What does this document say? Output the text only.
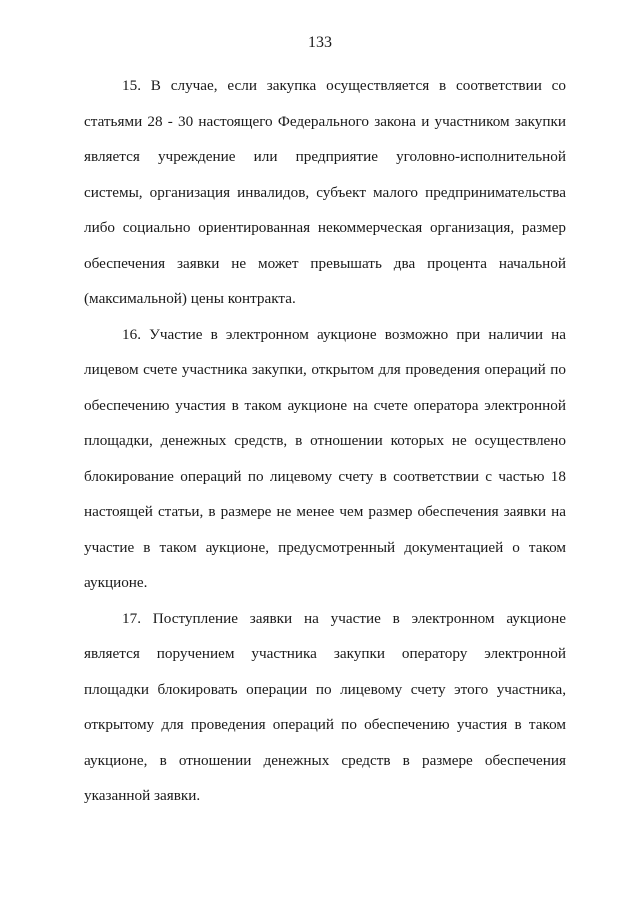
133

15. В случае, если закупка осуществляется в соответствии со статьями 28 - 30 настоящего Федерального закона и участником закупки является учреждение или предприятие уголовно-исполнительной системы, организация инвалидов, субъект малого предпринимательства либо социально ориентированная некоммерческая организация, размер обеспечения заявки не может превышать два процента начальной (максимальной) цены контракта.

16. Участие в электронном аукционе возможно при наличии на лицевом счете участника закупки, открытом для проведения операций по обеспечению участия в таком аукционе на счете оператора электронной площадки, денежных средств, в отношении которых не осуществлено блокирование операций по лицевому счету в соответствии с частью 18 настоящей статьи, в размере не менее чем размер обеспечения заявки на участие в таком аукционе, предусмотренный документацией о таком аукционе.

17. Поступление заявки на участие в электронном аукционе является поручением участника закупки оператору электронной площадки блокировать операции по лицевому счету этого участника, открытому для проведения операций по обеспечению участия в таком аукционе, в отношении денежных средств в размере обеспечения указанной заявки.
